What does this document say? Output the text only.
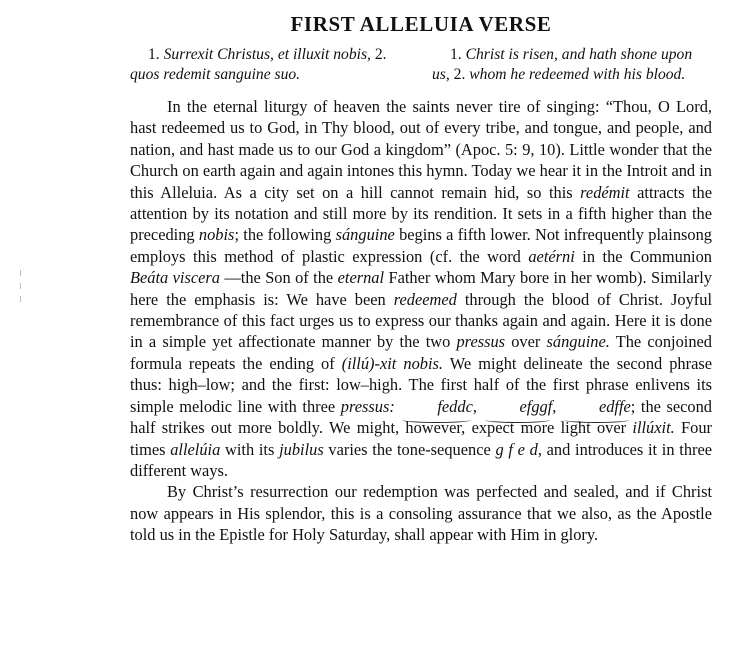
FIRST ALLELUIA VERSE
1. Surrexit Christus, et illuxit nobis, 2. quos redemit sanguine suo.
1. Christ is risen, and hath shone upon us, 2. whom he redeemed with his blood.

In the eternal liturgy of heaven the saints never tire of singing: “Thou, O Lord, hast redeemed us to God, in Thy blood, out of every tribe, and tongue, and people, and nation, and hast made us to our God a kingdom” (Apoc. 5: 9, 10). Little wonder that the Church on earth again and again intones this hymn. Today we hear it in the Introit and in this Alleluia. As a city set on a hill cannot remain hid, so this redémit attracts the attention by its notation and still more by its rendition. It sets in a fifth higher than the preceding nobis; the following sánguine begins a fifth lower. Not infrequently plainsong employs this method of plastic expression (cf. the word aetérni in the Communion Beáta viscera —the Son of the eternal Father whom Mary bore in her womb). Similarly here the emphasis is: We have been redeemed through the blood of Christ. Joyful remembrance of this fact urges us to express our thanks again and again. Here it is done in a simple yet affectionate manner by the two pressus over sánguine. The conjoined formula repeats the ending of (illú)-xit nobis. We might delineate the second phrase thus: high–low; and the first: low–high. The first half of the first phrase enlivens its simple melodic line with three pressus:	feddc, efggf, edffe; the second half strikes out more boldly. We might, however, expect more light over illúxit. Four times allelúia with its jubilus varies the tone-sequence g f e d, and introduces it in three different ways.

By Christ’s resurrection our redemption was perfected and sealed, and if Christ now appears in His splendor, this is a consoling assurance that we also, as the Apostle told us in the Epistle for Holy Saturday, shall appear with Him in glory.
